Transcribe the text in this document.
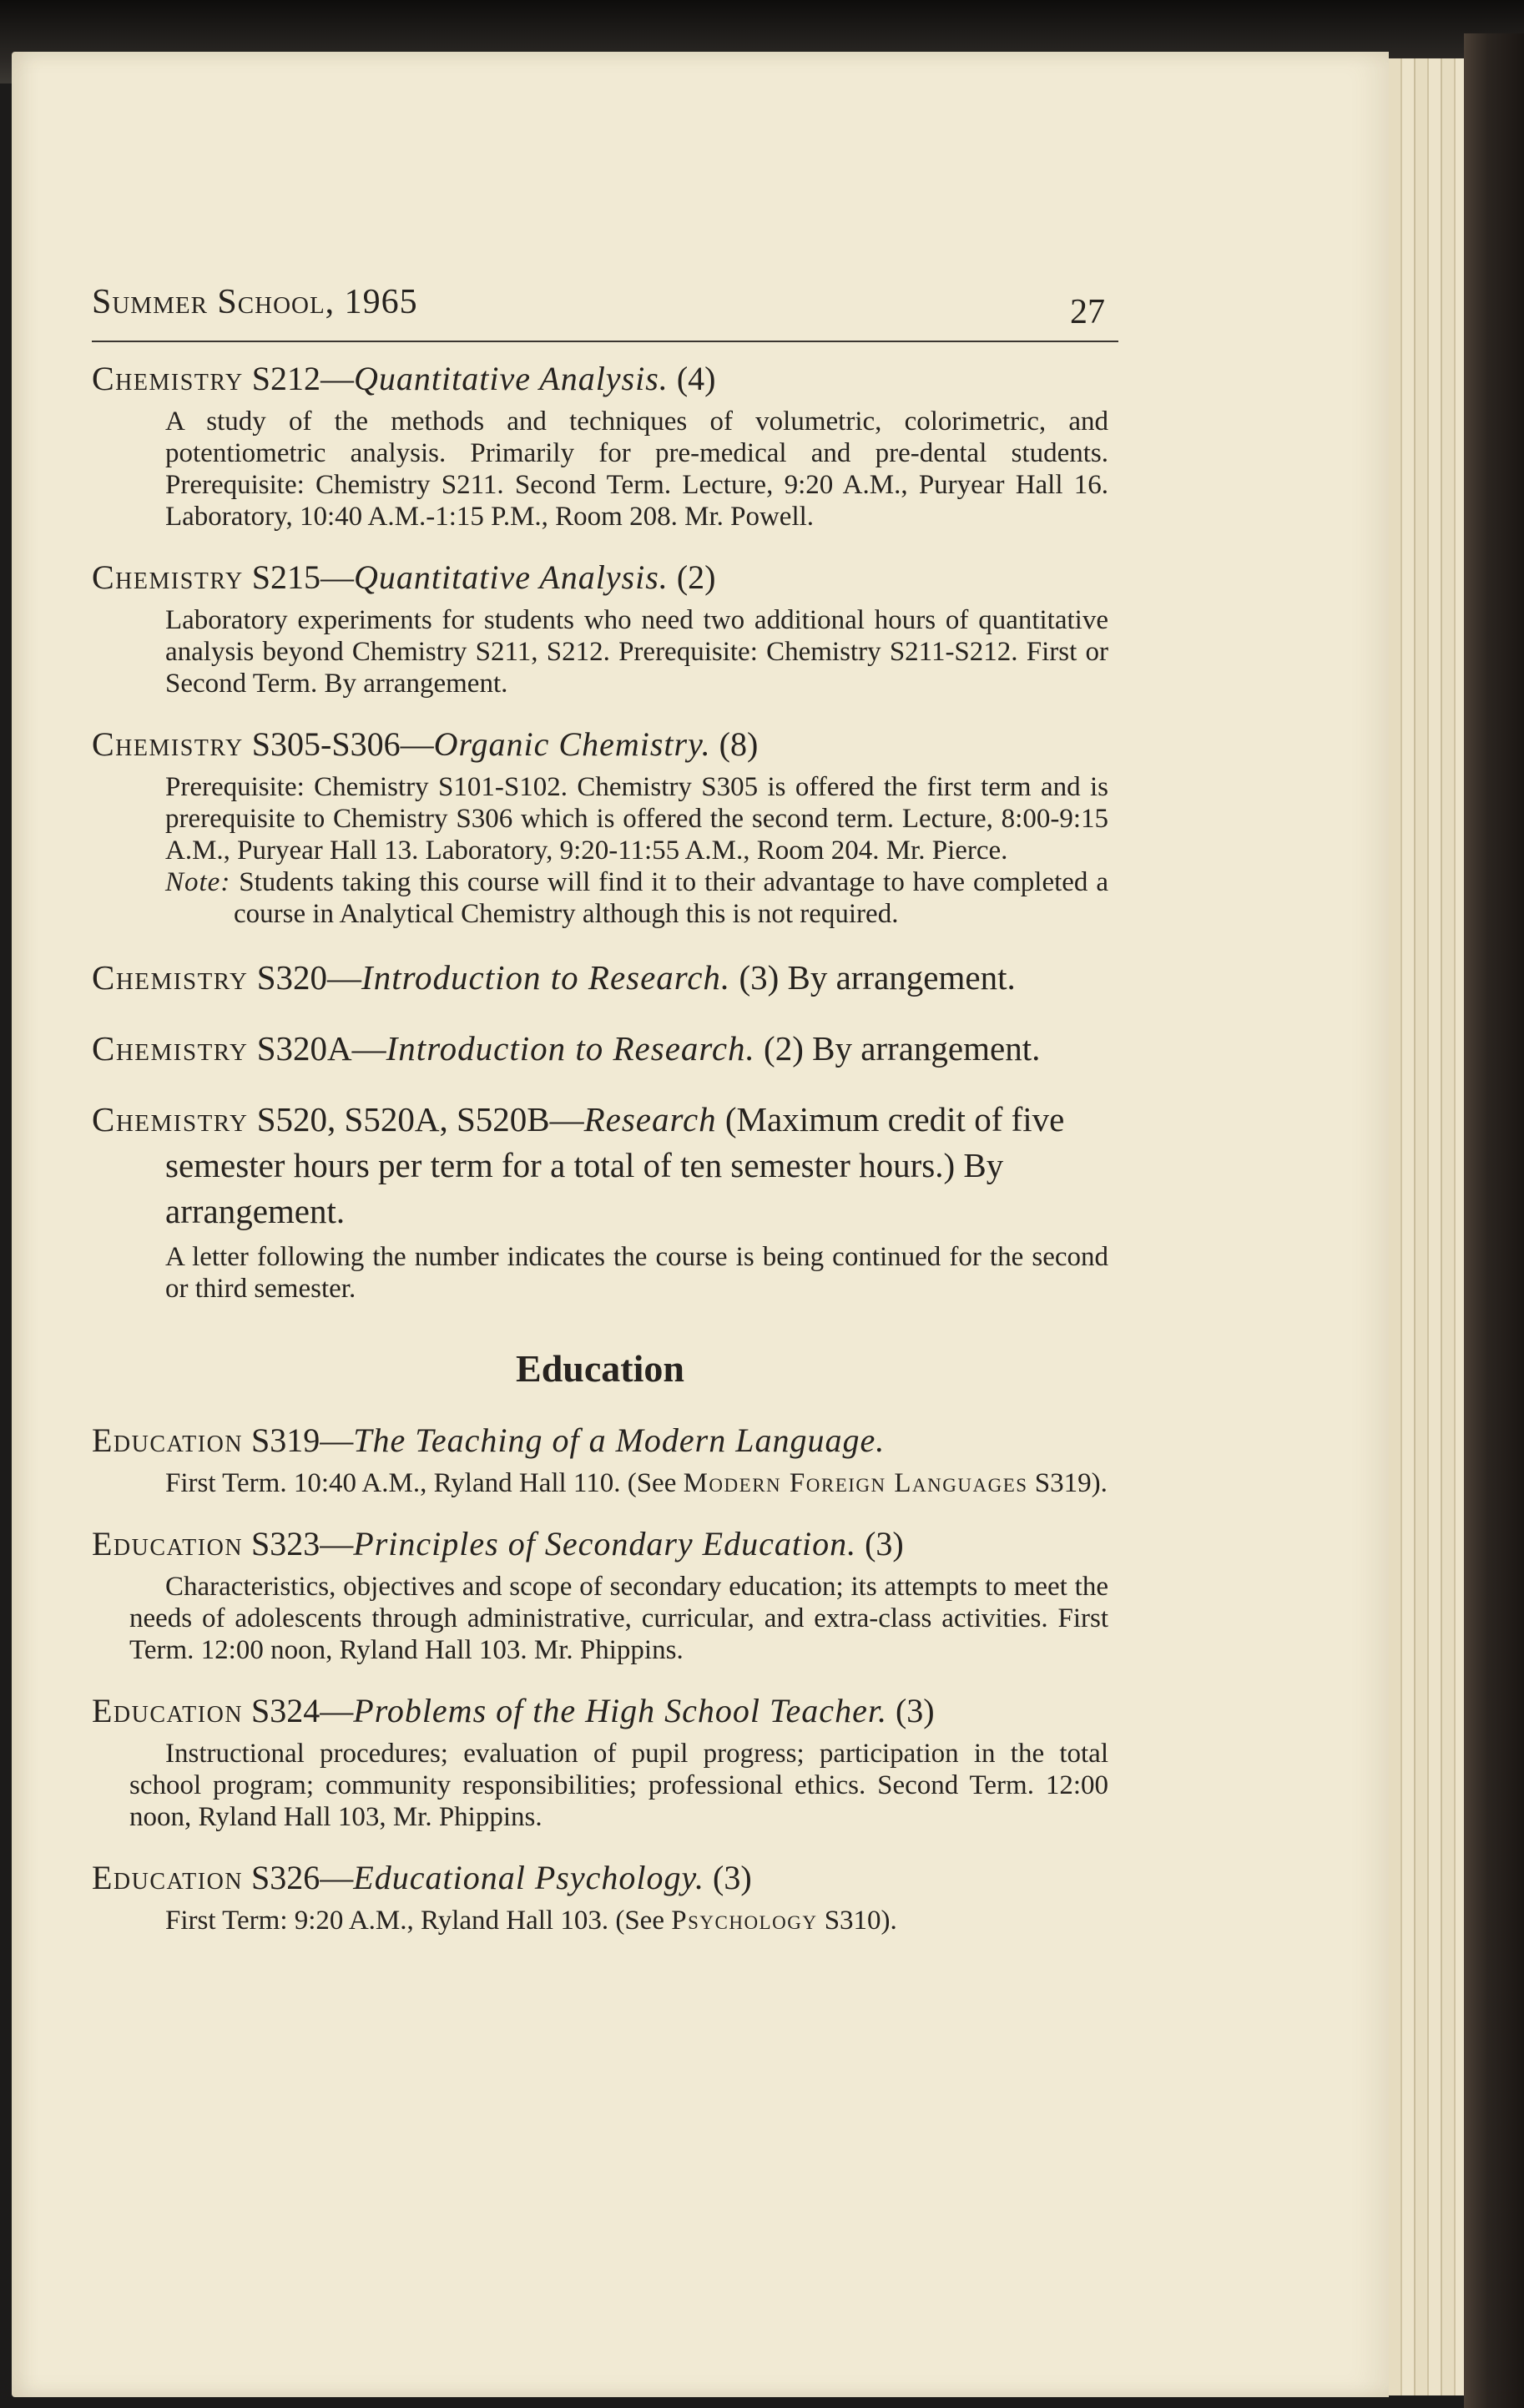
Summer School, 1965	27
Chemistry S212—Quantitative Analysis. (4)
A study of the methods and techniques of volumetric, colorimetric, and potentiometric analysis. Primarily for pre-medical and pre-dental students. Prerequisite: Chemistry S211. Second Term. Lecture, 9:20 A.M., Puryear Hall 16. Laboratory, 10:40 A.M.-1:15 P.M., Room 208. Mr. Powell.
Chemistry S215—Quantitative Analysis. (2)
Laboratory experiments for students who need two additional hours of quantitative analysis beyond Chemistry S211, S212. Prerequisite: Chemistry S211-S212. First or Second Term. By arrangement.
Chemistry S305-S306—Organic Chemistry. (8)
Prerequisite: Chemistry S101-S102. Chemistry S305 is offered the first term and is prerequisite to Chemistry S306 which is offered the second term. Lecture, 8:00-9:15 A.M., Puryear Hall 13. Laboratory, 9:20-11:55 A.M., Room 204. Mr. Pierce.
Note: Students taking this course will find it to their advantage to have completed a course in Analytical Chemistry although this is not required.
Chemistry S320—Introduction to Research. (3) By arrangement.
Chemistry S320A—Introduction to Research. (2) By arrangement.
Chemistry S520, S520A, S520B—Research (Maximum credit of five semester hours per term for a total of ten semester hours.) By arrangement.
A letter following the number indicates the course is being continued for the second or third semester.
Education
Education S319—The Teaching of a Modern Language.
First Term. 10:40 A.M., Ryland Hall 110. (See Modern Foreign Languages S319).
Education S323—Principles of Secondary Education. (3)
Characteristics, objectives and scope of secondary education; its attempts to meet the needs of adolescents through administrative, curricular, and extra-class activities. First Term. 12:00 noon, Ryland Hall 103. Mr. Phippins.
Education S324—Problems of the High School Teacher. (3)
Instructional procedures; evaluation of pupil progress; participation in the total school program; community responsibilities; professional ethics. Second Term. 12:00 noon, Ryland Hall 103, Mr. Phippins.
Education S326—Educational Psychology. (3)
First Term: 9:20 A.M., Ryland Hall 103. (See Psychology S310).
